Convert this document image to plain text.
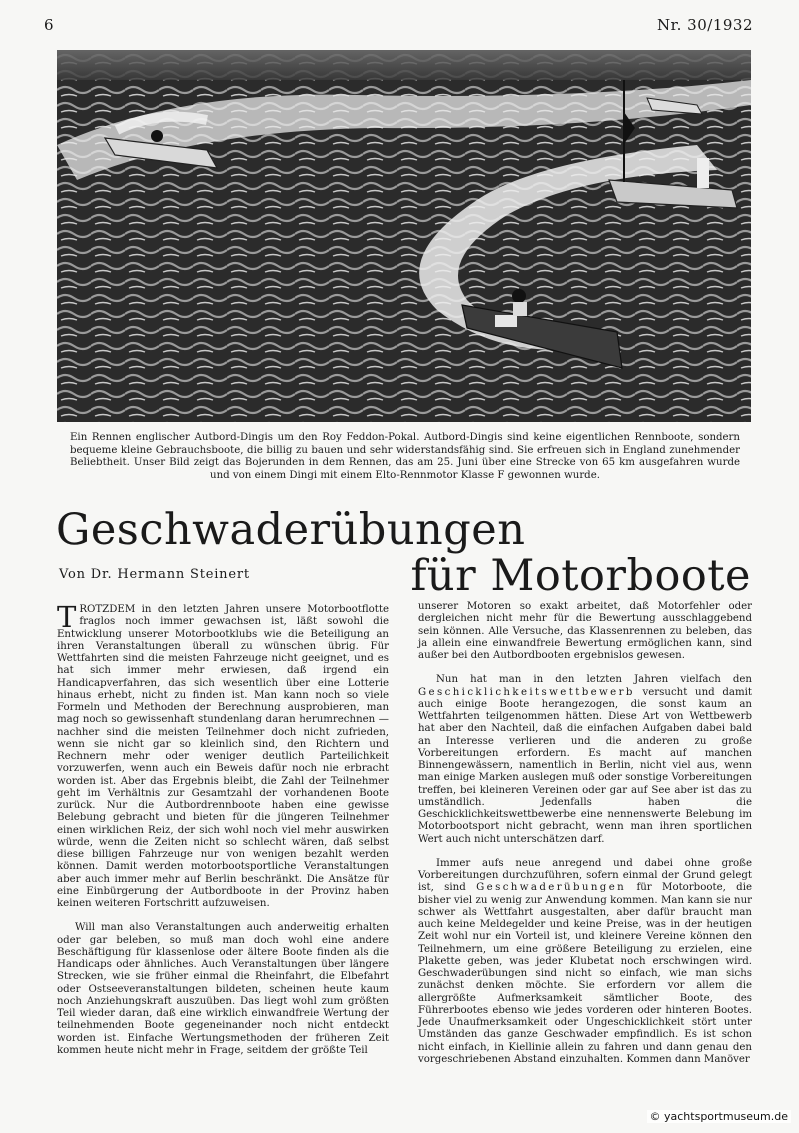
6	Nr. 30/1932
Ein Rennen englischer Autbord-Dingis um den Roy Feddon-Pokal. Autbord-Dingis sind keine eigentlichen Rennboote, sondern bequeme kleine Gebrauchsboote, die billig zu bauen und sehr widerstandsfähig sind. Sie erfreuen sich in England zunehmender Beliebtheit. Unser Bild zeigt das Bojerunden in dem Rennen, das am 25. Juni über eine Strecke von 65 km ausgefahren wurde und von einem Dingi mit einem Elto-Rennmotor Klasse F gewonnen wurde.
Geschwaderübungen
Von Dr. Hermann Steinert	für Motorboote

TROTZDEM in den letzten Jahren unsere Motorbootflotte fraglos noch immer gewachsen ist, läßt sowohl die Entwicklung unserer Motorbootklubs wie die Beteiligung an ihren Veranstaltungen überall zu wünschen übrig. Für Wettfahrten sind die meisten Fahrzeuge nicht geeignet, und es hat sich immer mehr erwiesen, daß irgend ein Handicapverfahren, das sich wesentlich über eine Lotterie hinaus erhebt, nicht zu finden ist. Man kann noch so viele Formeln und Methoden der Berechnung ausprobieren, man mag noch so gewissenhaft stundenlang daran herumrechnen — nachher sind die meisten Teilnehmer doch nicht zufrieden, wenn sie nicht gar so kleinlich sind, den Richtern und Rechnern mehr oder weniger deutlich Parteilichkeit vorzuwerfen, wenn auch ein Beweis dafür noch nie erbracht worden ist. Aber das Ergebnis bleibt, die Zahl der Teilnehmer geht im Verhältnis zur Gesamtzahl der vorhandenen Boote zurück. Nur die Autbordrennboote haben eine gewisse Belebung gebracht und bieten für die jüngeren Teilnehmer einen wirklichen Reiz, der sich wohl noch viel mehr auswirken würde, wenn die Zeiten nicht so schlecht wären, daß selbst diese billigen Fahrzeuge nur von wenigen bezahlt werden können. Damit werden motorbootsportliche Veranstaltungen aber auch immer mehr auf Berlin beschränkt. Die Ansätze für eine Einbürgerung der Autbordboote in der Provinz haben keinen weiteren Fortschritt aufzuweisen.

Will man also Veranstaltungen auch anderweitig erhalten oder gar beleben, so muß man doch wohl eine andere Beschäftigung für klassenlose oder ältere Boote finden als die Handicaps oder ähnliches. Auch Veranstaltungen über längere Strecken, wie sie früher einmal die Rheinfahrt, die Elbefahrt oder Ostseeveranstaltungen bildeten, scheinen heute kaum noch Anziehungskraft auszuüben. Das liegt wohl zum größten Teil wieder daran, daß eine wirklich einwandfreie Wertung der teilnehmenden Boote gegeneinander noch nicht entdeckt worden ist. Einfache Wertungsmethoden der früheren Zeit kommen heute nicht mehr in Frage, seitdem der größte Teil

unserer Motoren so exakt arbeitet, daß Motorfehler oder dergleichen nicht mehr für die Bewertung ausschlaggebend sein können. Alle Versuche, das Klassenrennen zu beleben, das ja allein eine einwandfreie Bewertung ermöglichen kann, sind außer bei den Autbordbooten ergebnislos gewesen.

Nun hat man in den letzten Jahren vielfach den Geschicklichkeitswettbewerb versucht und damit auch einige Boote herangezogen, die sonst kaum an Wettfahrten teilgenommen hätten. Diese Art von Wettbewerb hat aber den Nachteil, daß die einfachen Aufgaben dabei bald an Interesse verlieren und die anderen zu große Vorbereitungen erfordern. Es macht auf manchen Binnengewässern, namentlich in Berlin, nicht viel aus, wenn man einige Marken auslegen muß oder sonstige Vorbereitungen treffen, bei kleineren Vereinen oder gar auf See aber ist das zu umständlich. Jedenfalls haben die Geschicklichkeitswettbewerbe eine nennenswerte Belebung im Motorbootsport nicht gebracht, wenn man ihren sportlichen Wert auch nicht unterschätzen darf.

Immer aufs neue anregend und dabei ohne große Vorbereitungen durchzuführen, sofern einmal der Grund gelegt ist, sind Geschwaderübungen für Motorboote, die bisher viel zu wenig zur Anwendung kommen. Man kann sie nur schwer als Wettfahrt ausgestalten, aber dafür braucht man auch keine Meldegelder und keine Preise, was in der heutigen Zeit wohl nur ein Vorteil ist, und kleinere Vereine können den Teilnehmern, um eine größere Beteiligung zu erzielen, eine Plakette geben, was jeder Klubetat noch erschwingen wird. Geschwaderübungen sind nicht so einfach, wie man sichs zunächst denken möchte. Sie erfordern vor allem die allergrößte Aufmerksamkeit sämtlicher Boote, des Führerbootes ebenso wie jedes vorderen oder hinteren Bootes. Jede Unaufmerksamkeit oder Ungeschicklichkeit stört unter Umständen das ganze Geschwader empfindlich. Es ist schon nicht einfach, in Kiellinie allein zu fahren und dann genau den vorgeschriebenen Abstand einzuhalten. Kommen dann Manöver

© yachtsportmuseum.de
